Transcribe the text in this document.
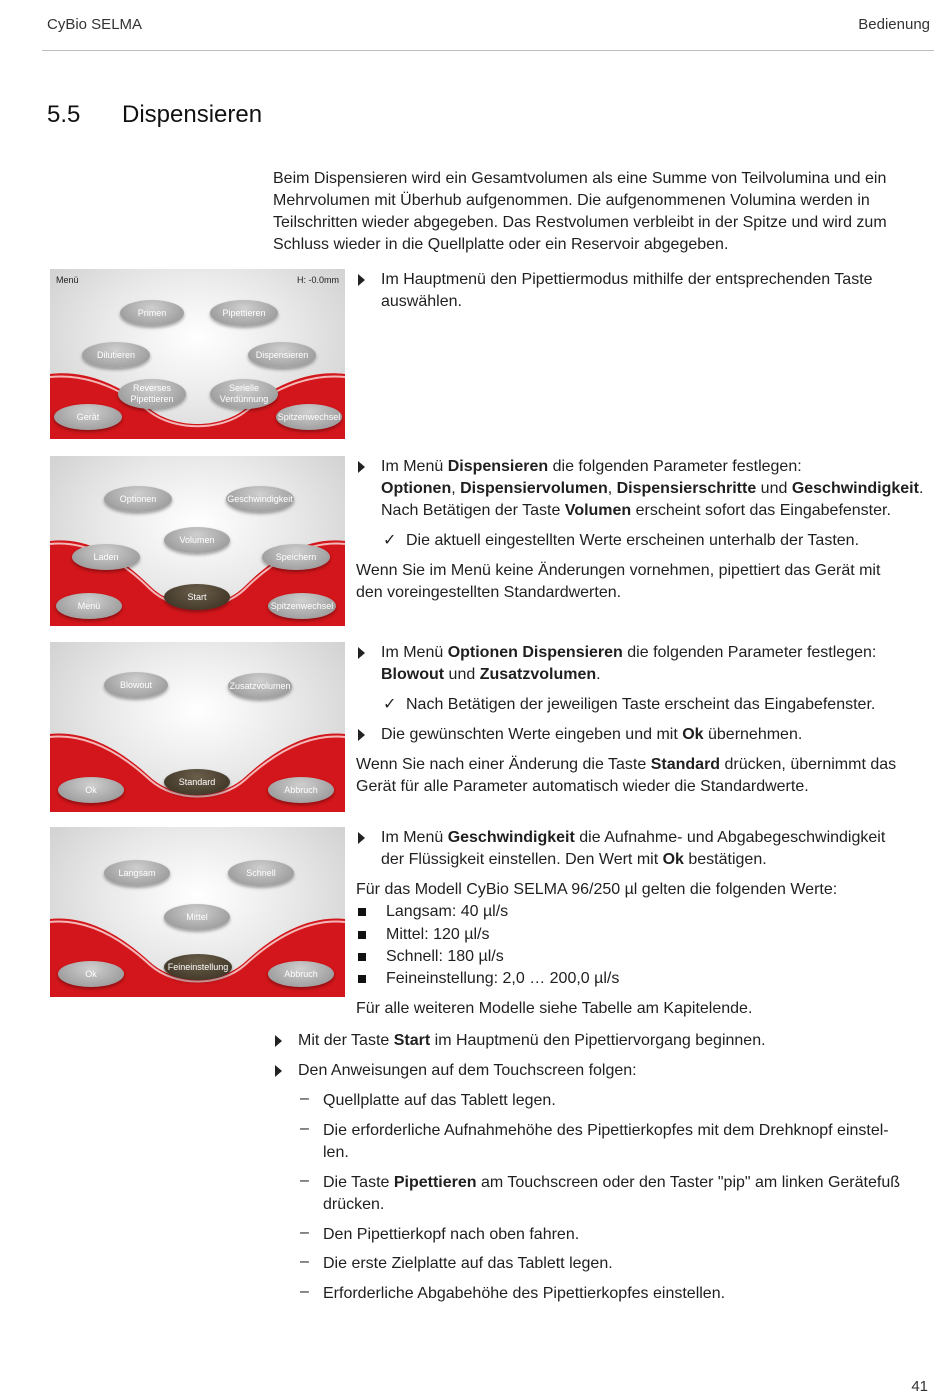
CyBio SELMA	Bedienung
5.5 Dispensieren
Beim Dispensieren wird ein Gesamtvolumen als eine Summe von Teilvolumina und ein
Mehrvolumen mit Überhub aufgenommen. Die aufgenommenen Volumina werden in
Teilschritten wieder abgegeben. Das Restvolumen verbleibt in der Spitze und wird zum
Schluss wieder in die Quellplatte oder ein Reservoir abgegeben.
Menü	H: -0.0mm
Primen	Pipettieren
Dilutieren	Dispensieren
Reverses
Pipettieren
Serielle
Verdünnung
Gerät	Spitzenwechsel
Im Hauptmenü den Pipettiermodus mithilfe der entsprechenden Taste
auswählen.
Optionen	Geschwindigkeit
Volumen
Laden	Speichern
Start
Menü	Spitzenwechsel
Im Menü Dispensieren die folgenden Parameter festlegen:
Optionen, Dispensiervolumen, Dispensierschritte und Geschwindigkeit.
Nach Betätigen der Taste Volumen erscheint sofort das Eingabefenster.
✓ Die aktuell eingestellten Werte erscheinen unterhalb der Tasten.
Wenn Sie im Menü keine Änderungen vornehmen, pipettiert das Gerät mit
den voreingestellten Standardwerten.
Blowout	Zusatzvolumen
Standard
Ok	Abbruch
Im Menü Optionen Dispensieren die folgenden Parameter festlegen:
Blowout und Zusatzvolumen.
✓ Nach Betätigen der jeweiligen Taste erscheint das Eingabefenster.
Die gewünschten Werte eingeben und mit Ok übernehmen.
Wenn Sie nach einer Änderung die Taste Standard drücken, übernimmt das
Gerät für alle Parameter automatisch wieder die Standardwerte.
Langsam	Schnell
Mittel
Feineinstellung
Ok	Abbruch
Im Menü Geschwindigkeit die Aufnahme- und Abgabegeschwindigkeit
der Flüssigkeit einstellen. Den Wert mit Ok bestätigen.
Für das Modell CyBio SELMA 96/250 µl gelten die folgenden Werte:
Langsam: 40 µl/s
Mittel: 120 µl/s
Schnell: 180 µl/s
Feineinstellung: 2,0 … 200,0 µl/s
Für alle weiteren Modelle siehe Tabelle am Kapitelende.
Mit der Taste Start im Hauptmenü den Pipettiervorgang beginnen.
Den Anweisungen auf dem Touchscreen folgen:
– Quellplatte auf das Tablett legen.
– Die erforderliche Aufnahmehöhe des Pipettierkopfes mit dem Drehknopf einstel-
len.
– Die Taste Pipettieren am Touchscreen oder den Taster "pip" am linken Gerätefuß
drücken.
– Den Pipettierkopf nach oben fahren.
– Die erste Zielplatte auf das Tablett legen.
– Erforderliche Abgabehöhe des Pipettierkopfes einstellen.
41
